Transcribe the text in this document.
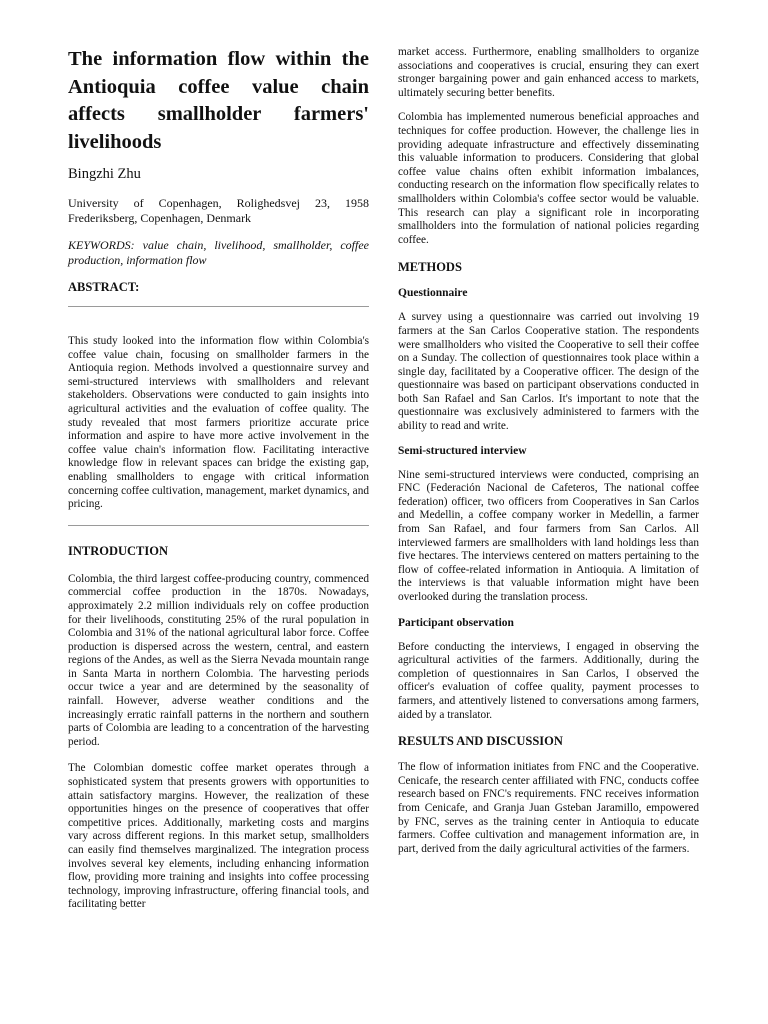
The information flow within the Antioquia coffee value chain affects smallholder farmers' livelihoods
Bingzhi Zhu

University of Copenhagen, Rolighedsvej 23, 1958 Frederiksberg, Copenhagen, Denmark

KEYWORDS: value chain, livelihood, smallholder, coffee production, information flow

ABSTRACT:

This study looked into the information flow within Colombia's coffee value chain, focusing on smallholder farmers in the Antioquia region. Methods involved a questionnaire survey and semi-structured interviews with smallholders and relevant stakeholders. Observations were conducted to gain insights into agricultural activities and the evaluation of coffee quality. The study revealed that most farmers prioritize accurate price information and aspire to have more active involvement in the coffee value chain's information flow. Facilitating interactive knowledge flow in relevant spaces can bridge the existing gap, enabling smallholders to engage with critical information concerning coffee cultivation, management, market dynamics, and pricing.

INTRODUCTION

Colombia, the third largest coffee-producing country, commenced commercial coffee production in the 1870s. Nowadays, approximately 2.2 million individuals rely on coffee production for their livelihoods, constituting 25% of the rural population in Colombia and 31% of the national agricultural labor force. Coffee production is dispersed across the western, central, and eastern regions of the Andes, as well as the Sierra Nevada mountain range in Santa Marta in northern Colombia. The harvesting periods occur twice a year and are determined by the seasonality of rainfall. However, adverse weather conditions and the increasingly erratic rainfall patterns in the northern and southern parts of Colombia are leading to a concentration of the harvesting period.

The Colombian domestic coffee market operates through a sophisticated system that presents growers with opportunities to attain satisfactory margins. However, the realization of these opportunities hinges on the presence of cooperatives that offer competitive prices. Additionally, marketing costs and margins vary across different regions. In this market setup, smallholders can easily find themselves marginalized. The integration process involves several key elements, including enhancing information flow, providing more training and insights into coffee processing technology, improving infrastructure, offering financial tools, and facilitating better

market access. Furthermore, enabling smallholders to organize associations and cooperatives is crucial, ensuring they can exert stronger bargaining power and gain enhanced access to markets, ultimately securing better benefits.

Colombia has implemented numerous beneficial approaches and techniques for coffee production. However, the challenge lies in providing adequate infrastructure and effectively disseminating this valuable information to producers. Considering that global coffee value chains often exhibit information imbalances, conducting research on the information flow specifically relates to smallholders within Colombia's coffee sector would be valuable. This research can play a significant role in incorporating smallholders into the formulation of national policies regarding coffee.

METHODS
Questionnaire

A survey using a questionnaire was carried out involving 19 farmers at the San Carlos Cooperative station. The respondents were smallholders who visited the Cooperative to sell their coffee on a Sunday. The collection of questionnaires took place within a single day, facilitated by a Cooperative officer. The design of the questionnaire was based on participant observations conducted in both San Rafael and San Carlos. It's important to note that the questionnaire was exclusively administered to farmers with the ability to read and write.

Semi-structured interview

Nine semi-structured interviews were conducted, comprising an FNC (Federación Nacional de Cafeteros, The national coffee federation) officer, two officers from Cooperatives in San Carlos and Medellin, a coffee company worker in Medellin, a farmer from San Rafael, and four farmers from San Carlos. All interviewed farmers are smallholders with land holdings less than five hectares. The interviews centered on matters pertaining to the flow of coffee-related information in Antioquia. A limitation of the interviews is that valuable information might have been overlooked during the translation process.

Participant observation

Before conducting the interviews, I engaged in observing the agricultural activities of the farmers. Additionally, during the completion of questionnaires in San Carlos, I observed the officer's evaluation of coffee quality, payment processes to farmers, and attentively listened to conversations among farmers, aided by a translator.

RESULTS AND DISCUSSION

The flow of information initiates from FNC and the Cooperative. Cenicafe, the research center affiliated with FNC, conducts coffee research based on FNC's requirements. FNC receives information from Cenicafe, and Granja Juan Gsteban Jaramillo, empowered by FNC, serves as the training center in Antioquia to educate farmers. Coffee cultivation and management information are, in part, derived from the daily agricultural activities of the farmers.
